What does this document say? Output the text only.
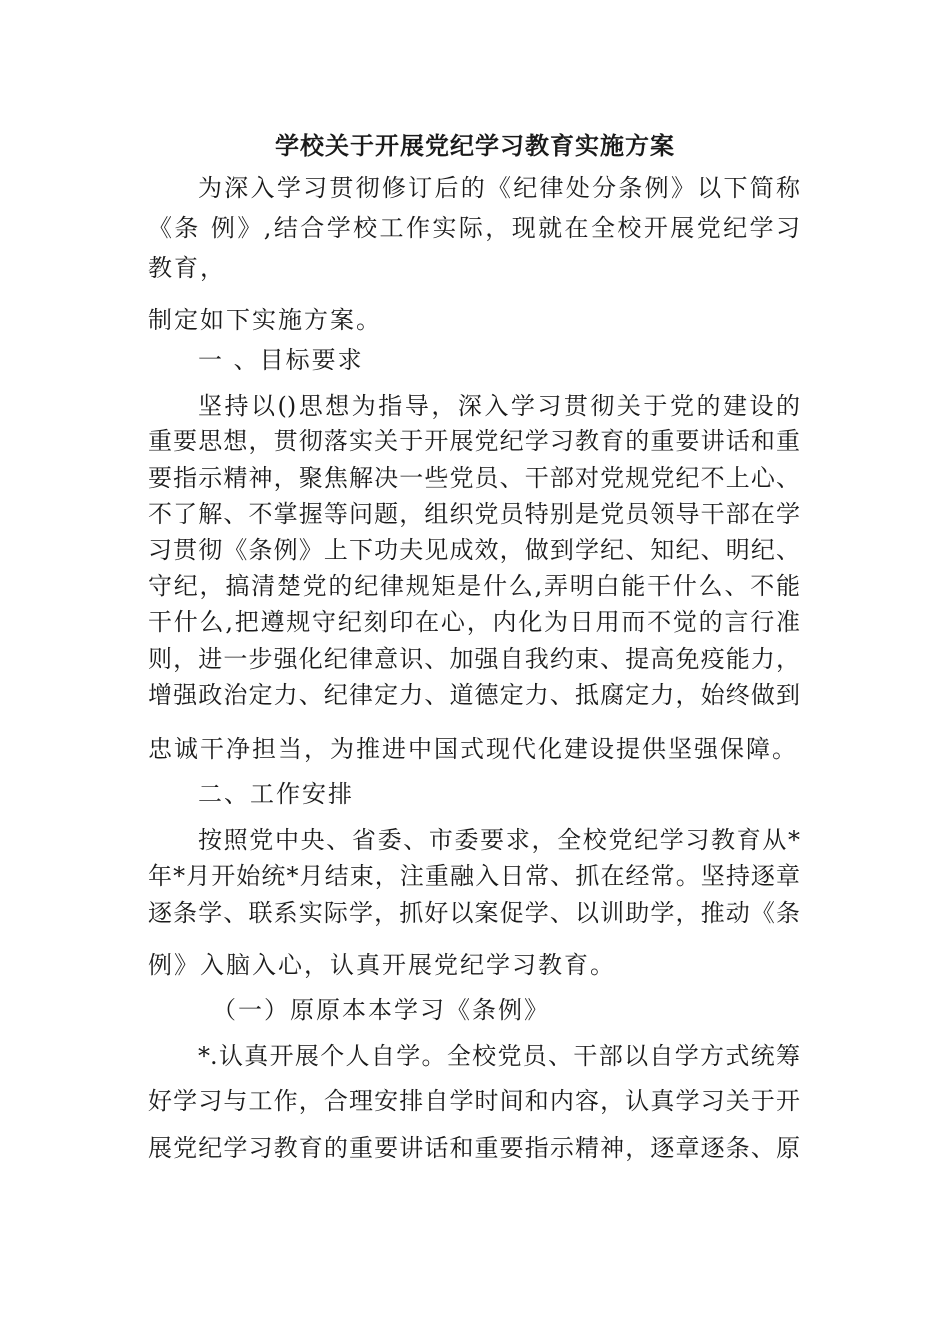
学校关于开展党纪学习教育实施方案
为深入学习贯彻修订后的《纪律处分条例》以下简称
《条 例》,结合学校工作实际，现就在全校开展党纪学习
教育，
制定如下实施方案。
一 、目标要求
坚持以()思想为指导，深入学习贯彻关于党的建设的
重要思想，贯彻落实关于开展党纪学习教育的重要讲话和重
要指示精神，聚焦解决一些党员、干部对党规党纪不上心、
不了解、不掌握等问题，组织党员特别是党员领导干部在学
习贯彻《条例》上下功夫见成效，做到学纪、知纪、明纪、
守纪，搞清楚党的纪律规矩是什么,弄明白能干什么、不能
干什么,把遵规守纪刻印在心，内化为日用而不觉的言行准
则，进一步强化纪律意识、加强自我约束、提高免疫能力，
增强政治定力、纪律定力、道德定力、抵腐定力，始终做到
忠诚干净担当，为推进中国式现代化建设提供坚强保障。
二、工作安排
按照党中央、省委、市委要求，全校党纪学习教育从*
年*月开始统*月结束，注重融入日常、抓在经常。坚持逐章
逐条学、联系实际学，抓好以案促学、以训助学，推动《条
例》入脑入心，认真开展党纪学习教育。
（一）原原本本学习《条例》
*.认真开展个人自学。全校党员、干部以自学方式统筹
好学习与工作，合理安排自学时间和内容，认真学习关于开
展党纪学习教育的重要讲话和重要指示精神，逐章逐条、原
